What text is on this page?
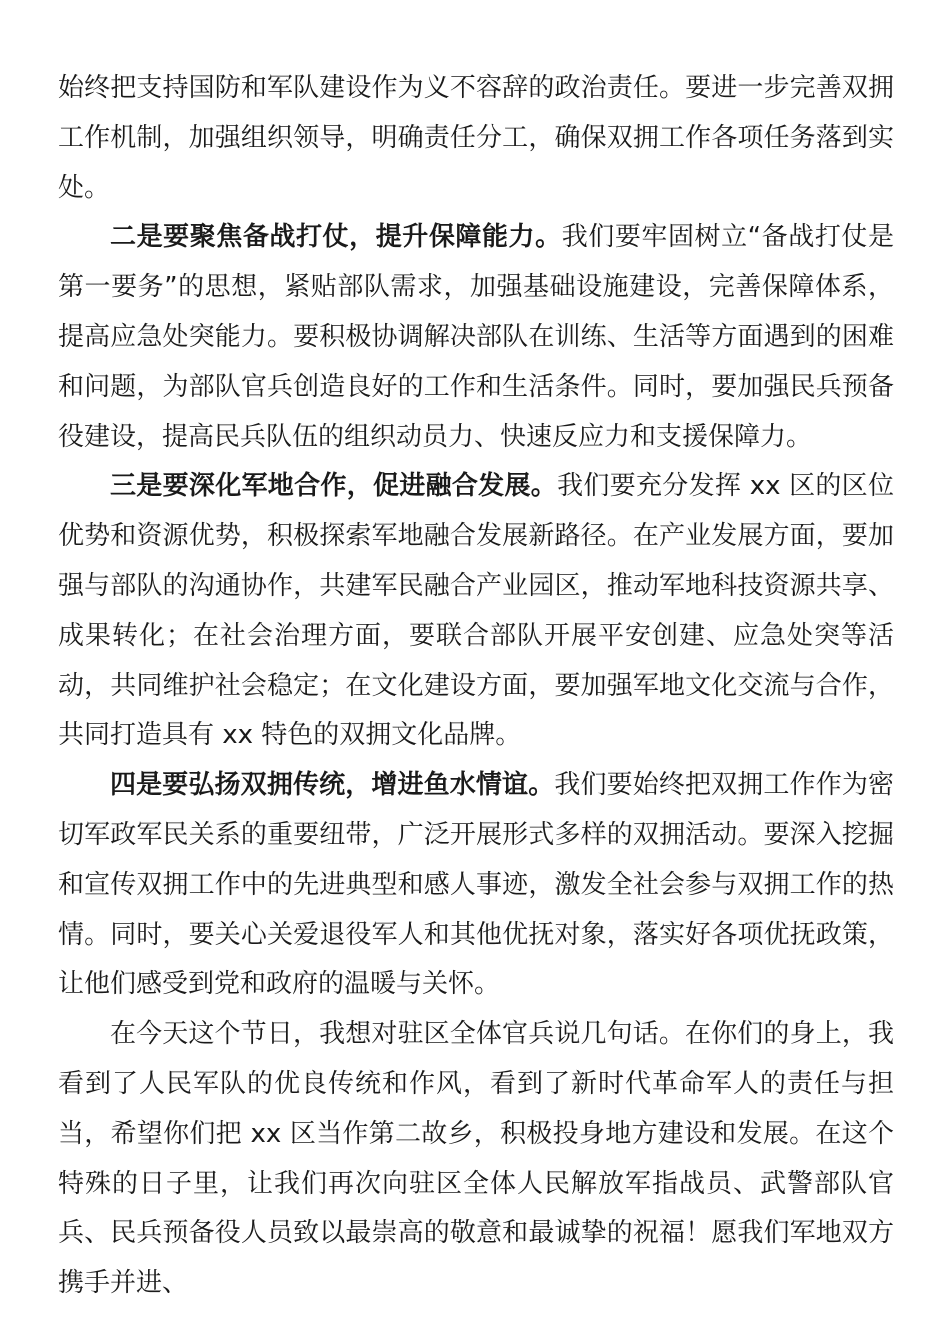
始终把支持国防和军队建设作为义不容辞的政治责任。要进一步完善双拥工作机制，加强组织领导，明确责任分工，确保双拥工作各项任务落到实处。

二是要聚焦备战打仗，提升保障能力。我们要牢固树立“备战打仗是第一要务”的思想，紧贴部队需求，加强基础设施建设，完善保障体系，提高应急处突能力。要积极协调解决部队在训练、生活等方面遇到的困难和问题，为部队官兵创造良好的工作和生活条件。同时，要加强民兵预备役建设，提高民兵队伍的组织动员力、快速反应力和支援保障力。

三是要深化军地合作，促进融合发展。我们要充分发挥 xx 区的区位优势和资源优势，积极探索军地融合发展新路径。在产业发展方面，要加强与部队的沟通协作，共建军民融合产业园区，推动军地科技资源共享、成果转化；在社会治理方面，要联合部队开展平安创建、应急处突等活动，共同维护社会稳定；在文化建设方面，要加强军地文化交流与合作，共同打造具有 xx 特色的双拥文化品牌。

四是要弘扬双拥传统，增进鱼水情谊。我们要始终把双拥工作作为密切军政军民关系的重要纽带，广泛开展形式多样的双拥活动。要深入挖掘和宣传双拥工作中的先进典型和感人事迹，激发全社会参与双拥工作的热情。同时，要关心关爱退役军人和其他优抚对象，落实好各项优抚政策，让他们感受到党和政府的温暖与关怀。

在今天这个节日，我想对驻区全体官兵说几句话。在你们的身上，我看到了人民军队的优良传统和作风，看到了新时代革命军人的责任与担当，希望你们把 xx 区当作第二故乡，积极投身地方建设和发展。在这个特殊的日子里，让我们再次向驻区全体人民解放军指战员、武警部队官兵、民兵预备役人员致以最崇高的敬意和最诚挚的祝福！愿我们军地双方携手并进、
